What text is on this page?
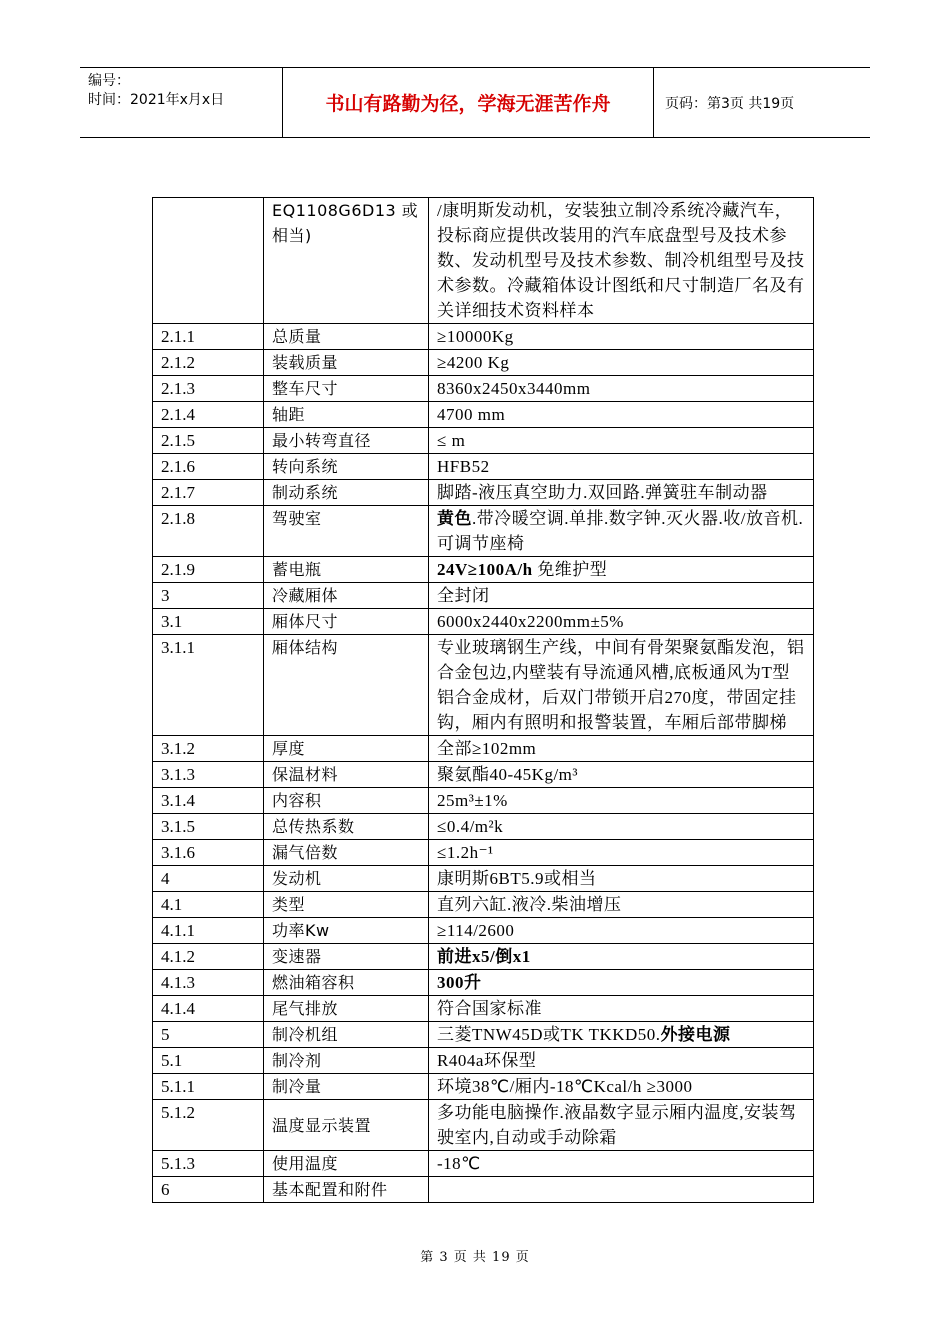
编号：
时间：2021年x月x日	书山有路勤为径，学海无涯苦作舟	页码：第3页 共19页
	EQ1108G6D13 或相当)	/康明斯发动机，安装独立制冷系统冷藏汽车，投标商应提供改装用的汽车底盘型号及技术参数、发动机型号及技术参数、制冷机组型号及技术参数。冷藏箱体设计图纸和尺寸制造厂名及有关详细技术资料样本
2.1.1	总质量	≥10000Kg
2.1.2	装载质量	≥4200 Kg
2.1.3	整车尺寸	8360x2450x3440mm
2.1.4	轴距	4700 mm
2.1.5	最小转弯直径	≤ m
2.1.6	转向系统	HFB52
2.1.7	制动系统	脚踏-液压真空助力.双回路.弹簧驻车制动器
2.1.8	驾驶室	黄色.带冷暖空调.单排.数字钟.灭火器.收/放音机.可调节座椅
2.1.9	蓄电瓶	24V≥100A/h 免维护型
3	冷藏厢体	全封闭
3.1	厢体尺寸	6000x2440x2200mm±5%
3.1.1	厢体结构	专业玻璃钢生产线，中间有骨架聚氨酯发泡，铝合金包边,内壁装有导流通风槽,底板通风为T型铝合金成材，后双门带锁开启270度，带固定挂钩，厢内有照明和报警装置，车厢后部带脚梯
3.1.2	厚度	全部≥102mm
3.1.3	保温材料	聚氨酯40-45Kg/m³
3.1.4	内容积	25m³±1%
3.1.5	总传热系数	≤0.4/m²k
3.1.6	漏气倍数	≤1.2h⁻¹
4	发动机	康明斯6BT5.9或相当
4.1	类型	直列六缸.液冷.柴油增压
4.1.1	功率Kw	≥114/2600
4.1.2	变速器	前进x5/倒x1
4.1.3	燃油箱容积	300升
4.1.4	尾气排放	符合国家标准
5	制冷机组	三菱TNW45D或TK TKKD50.外接电源
5.1	制冷剂	R404a环保型
5.1.1	制冷量	环境38℃/厢内-18℃Kcal/h ≥3000
5.1.2	温度显示装置	多功能电脑操作.液晶数字显示厢内温度,安装驾驶室内,自动或手动除霜
5.1.3	使用温度	-18℃
6	基本配置和附件	
第 3 页 共 19 页
